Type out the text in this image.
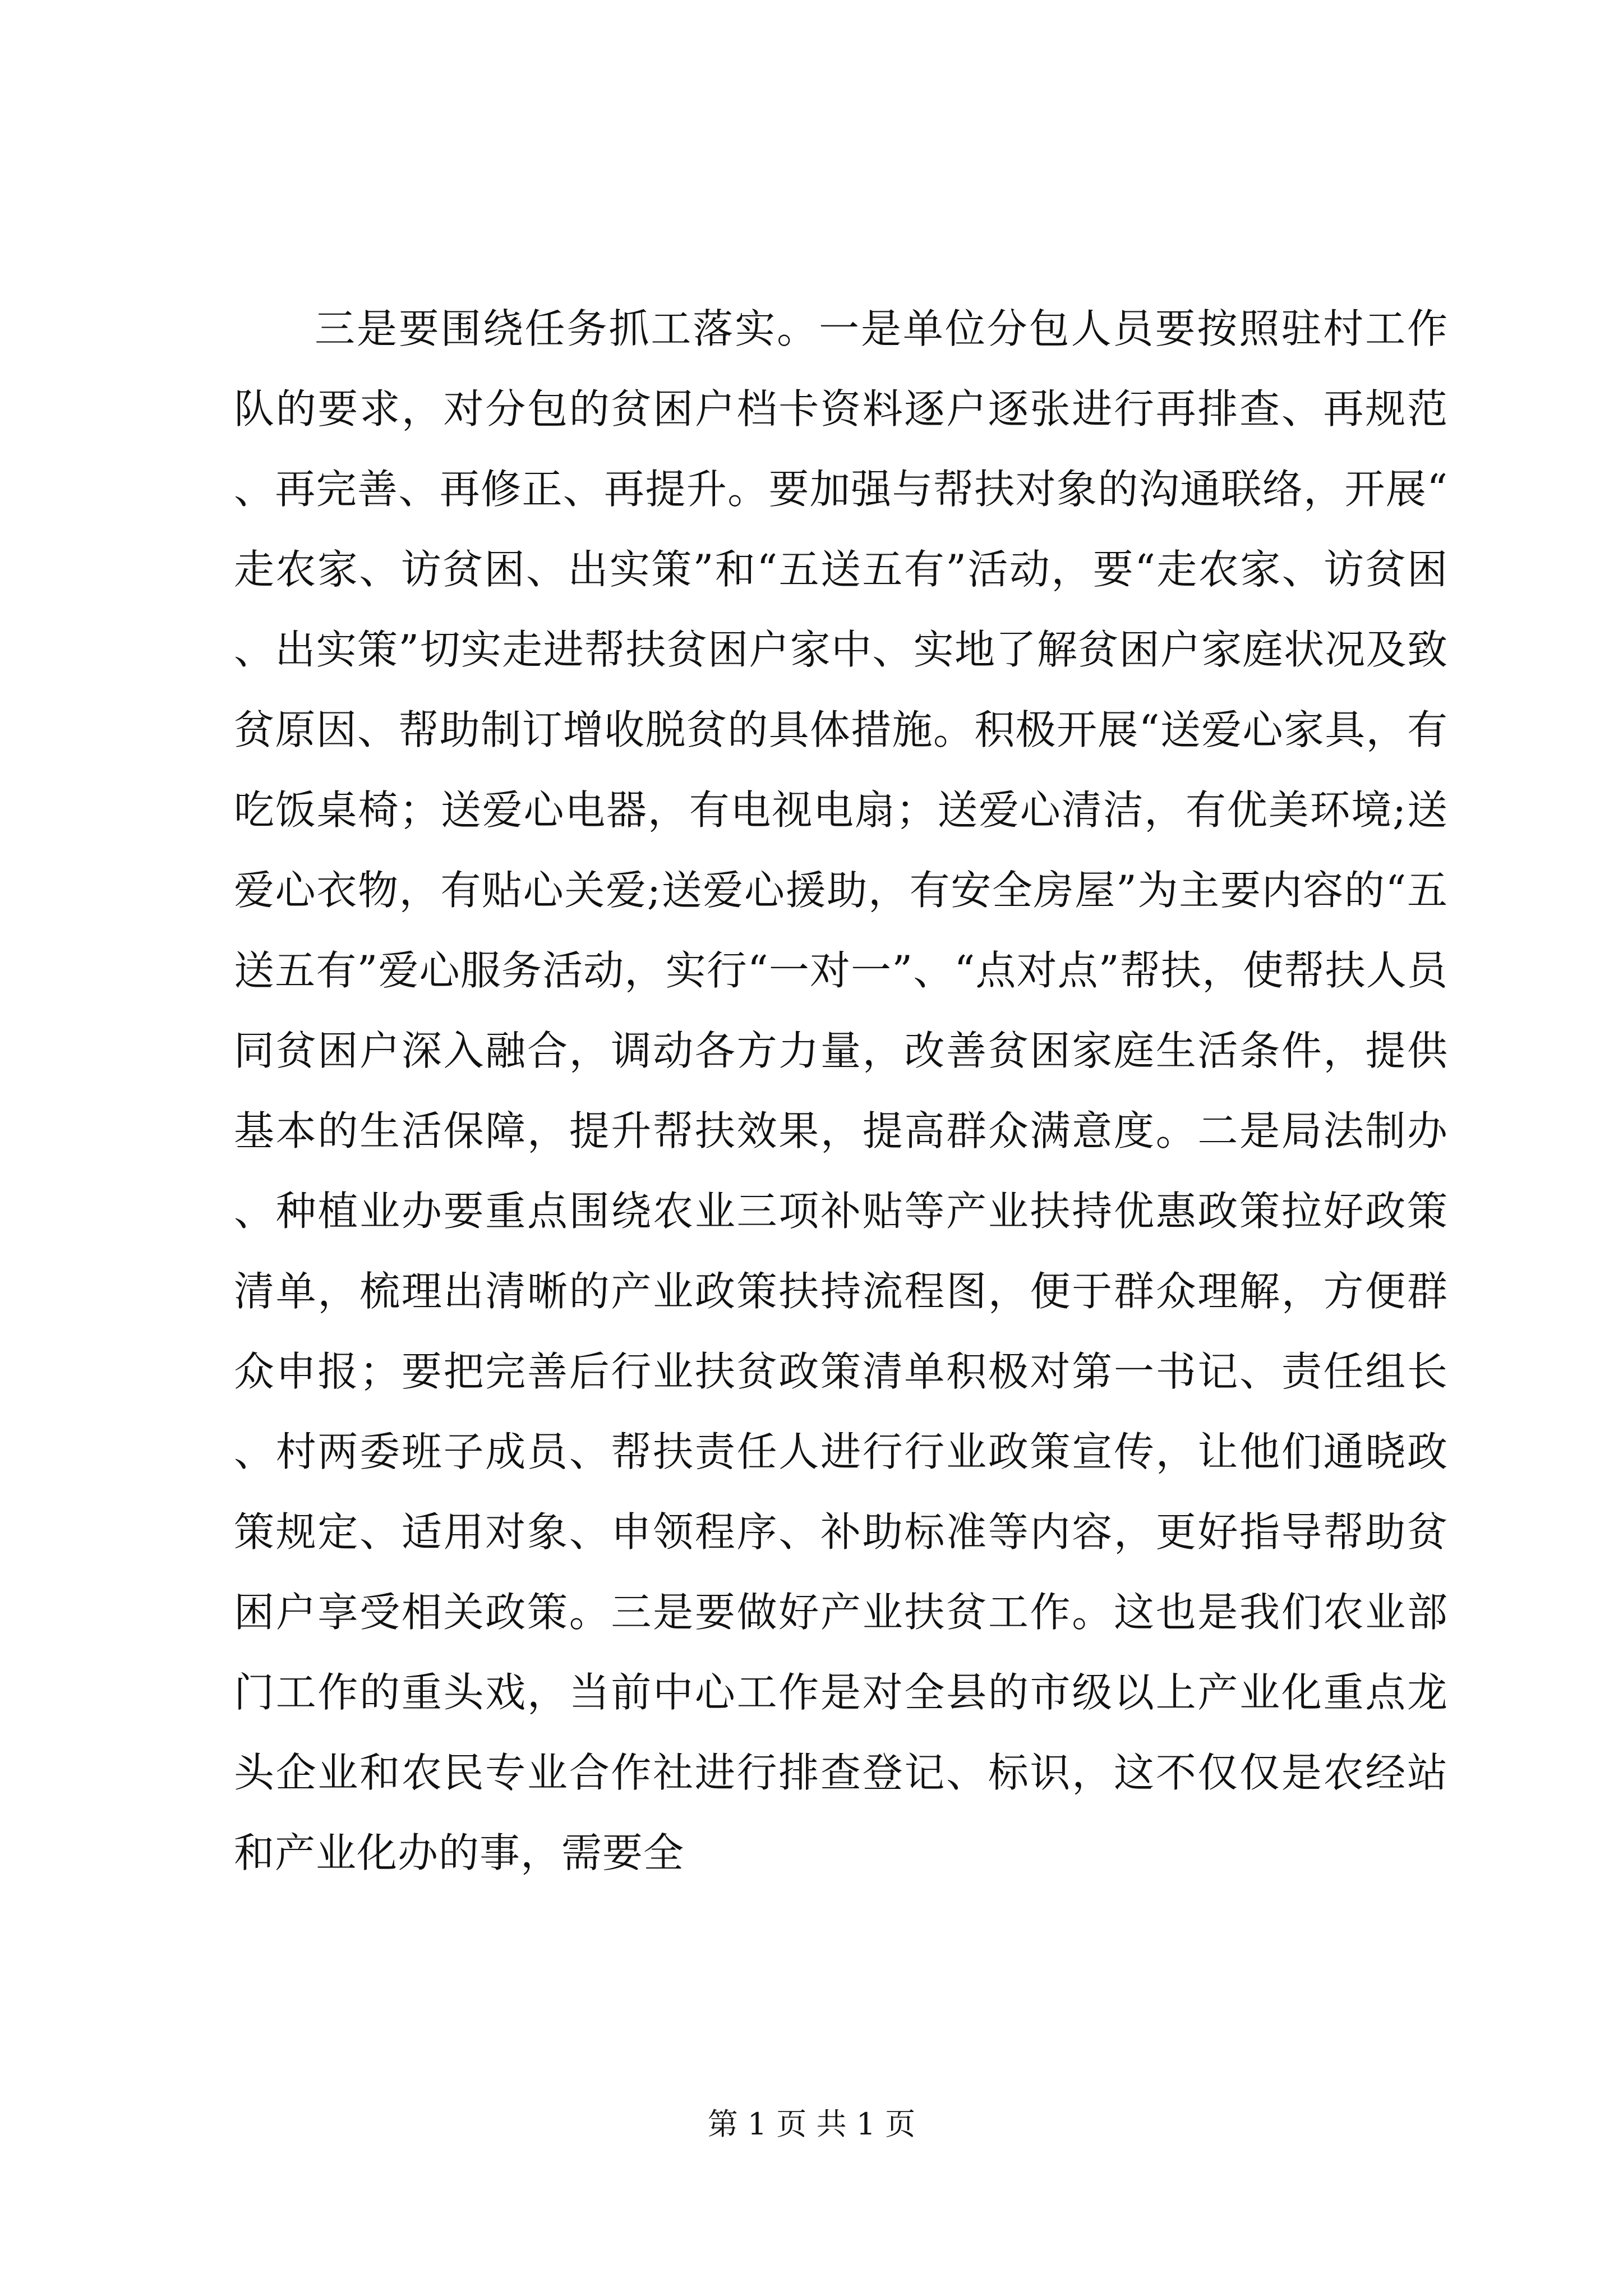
三是要围绕任务抓工落实。一是单位分包人员要按照驻村工作队的要求，对分包的贫困户档卡资料逐户逐张进行再排查、再规范、再完善、再修正、再提升。要加强与帮扶对象的沟通联络，开展“走农家、访贫困、出实策”和“五送五有”活动，要“走农家、访贫困、出实策”切实走进帮扶贫困户家中、实地了解贫困户家庭状况及致贫原因、帮助制订增收脱贫的具体措施。积极开展“送爱心家具，有吃饭桌椅；送爱心电器，有电视电扇；送爱心清洁，有优美环境;送爱心衣物，有贴心关爱;送爱心援助，有安全房屋”为主要内容的“五送五有”爱心服务活动，实行“一对一”、“点对点”帮扶，使帮扶人员同贫困户深入融合，调动各方力量，改善贫困家庭生活条件，提供基本的生活保障，提升帮扶效果，提高群众满意度。二是局法制办、种植业办要重点围绕农业三项补贴等产业扶持优惠政策拉好政策清单，梳理出清晰的产业政策扶持流程图，便于群众理解，方便群众申报；要把完善后行业扶贫政策清单积极对第一书记、责任组长、村两委班子成员、帮扶责任人进行行业政策宣传，让他们通晓政策规定、适用对象、申领程序、补助标准等内容，更好指导帮助贫困户享受相关政策。三是要做好产业扶贫工作。这也是我们农业部门工作的重头戏，当前中心工作是对全县的市级以上产业化重点龙头企业和农民专业合作社进行排查登记、标识，这不仅仅是农经站和产业化办的事，需要全

第 1 页 共 1 页
